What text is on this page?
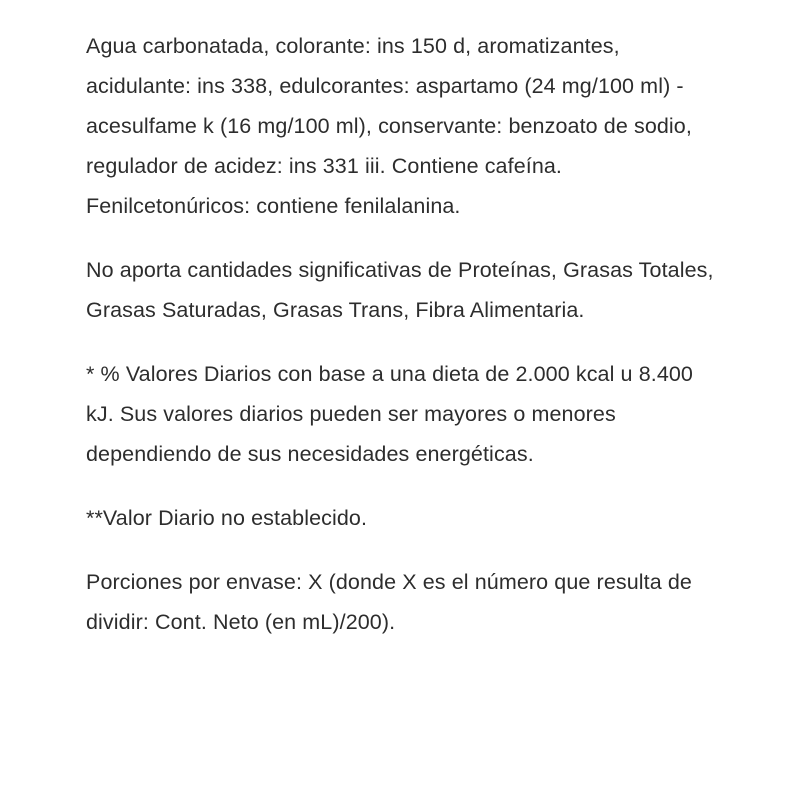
Agua carbonatada, colorante: ins 150 d, aromatizantes, acidulante: ins 338, edulcorantes: aspartamo (24 mg/100 ml) - acesulfame k (16 mg/100 ml), conservante: benzoato de sodio, regulador de acidez: ins 331 iii. Contiene cafeína. Fenilcetonúricos: contiene fenilalanina.

No aporta cantidades significativas de Proteínas, Grasas Totales, Grasas Saturadas, Grasas Trans, Fibra Alimentaria.

* % Valores Diarios con base a una dieta de 2.000 kcal u 8.400 kJ. Sus valores diarios pueden ser mayores o menores dependiendo de sus necesidades energéticas.

**Valor Diario no establecido.

Porciones por envase: X (donde X es el número que resulta de dividir: Cont. Neto (en mL)/200).
